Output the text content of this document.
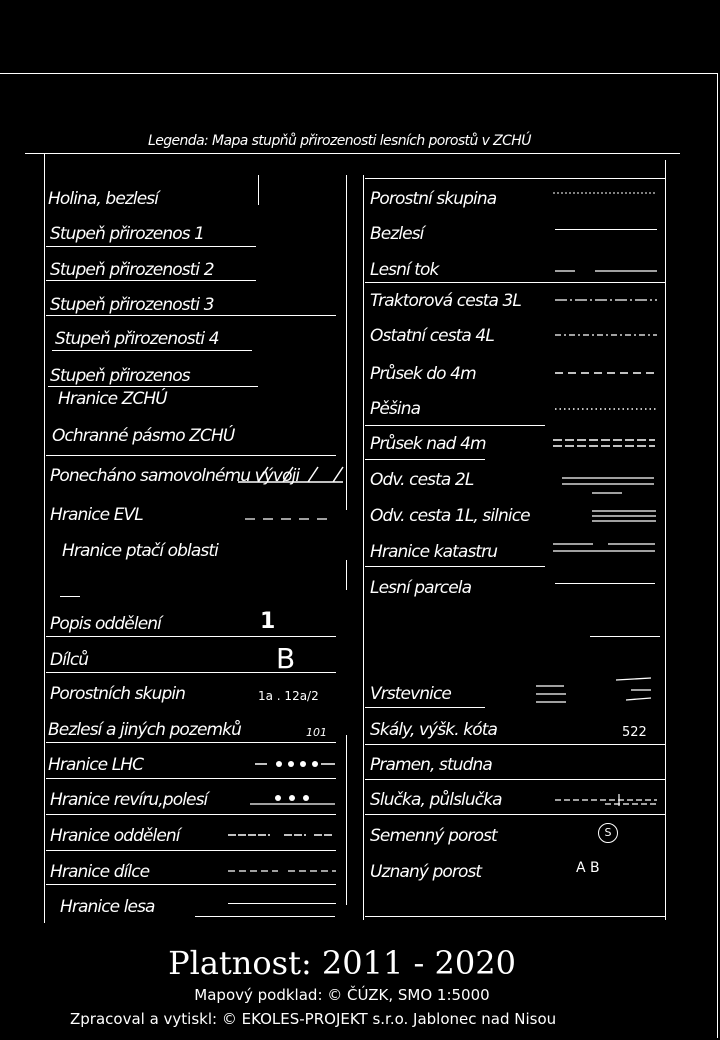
Legenda: Mapa stupňů přirozenosti lesních porostů v ZCHÚ
Holina, bezlesí
Stupeň přirozenos 1
Stupeň přirozenosti 2
Stupeň přirozenosti 3
Stupeň přirozenosti 4
Stupeň přirozenos
Hranice ZCHÚ
Ochranné pásmo ZCHÚ
Ponecháno samovolnému vývoji
Hranice EVL
Hranice ptačí oblasti
Popis oddělení	1
Dílců	B
Porostních skupin	1a . 12a/2
Bezlesí a jiných pozemků	101
Hranice LHC
Hranice revíru,polesí
Hranice oddělení
Hranice dílce
Hranice lesa
Porostní skupina
Bezlesí
Lesní tok
Traktorová cesta 3L
Ostatní cesta 4L
Průsek do 4m
Pěšina
Průsek nad 4m
Odv. cesta 2L
Odv. cesta 1L, silnice
Hranice katastru
Lesní parcela
Vrstevnice
Skály, výšk. kóta	522
Pramen, studna
Slučka, půlslučka
Semenný porost	S
Uznaný porost	A B
Platnost: 2011 - 2020
Mapový podklad: © ČÚZK, SMO 1:5000
Zpracoval a vytiskl: © EKOLES-PROJEKT s.r.o. Jablonec nad Nisou
